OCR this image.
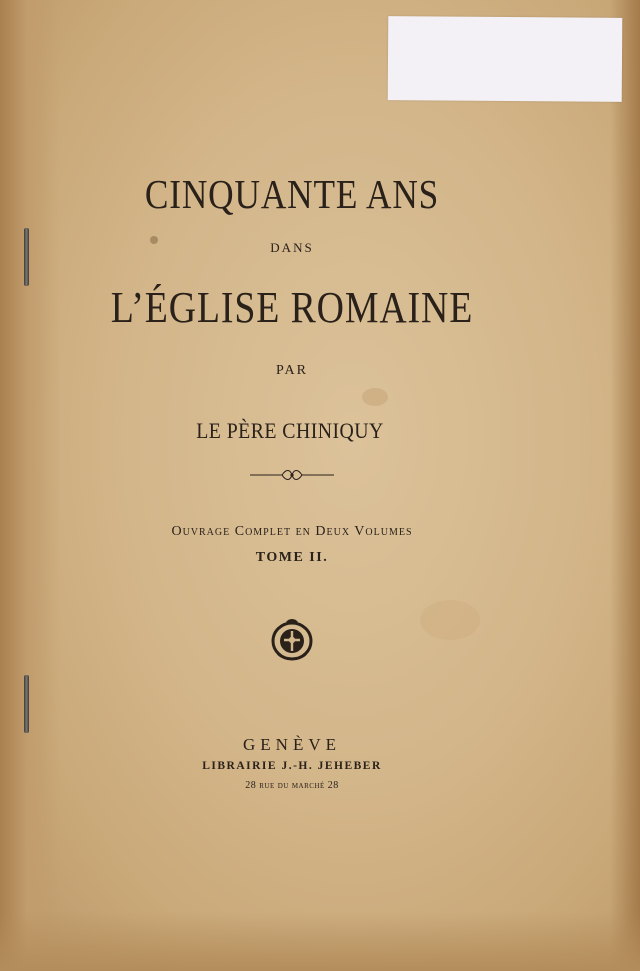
CINQUANTE ANS
DANS
L’ÉGLISE ROMAINE
PAR
LE PÈRE CHINIQUY
Ouvrage Complet en Deux Volumes
TOME II.
GENÈVE
LIBRAIRIE J.-H. JEHEBER
28 rue du marché 28
